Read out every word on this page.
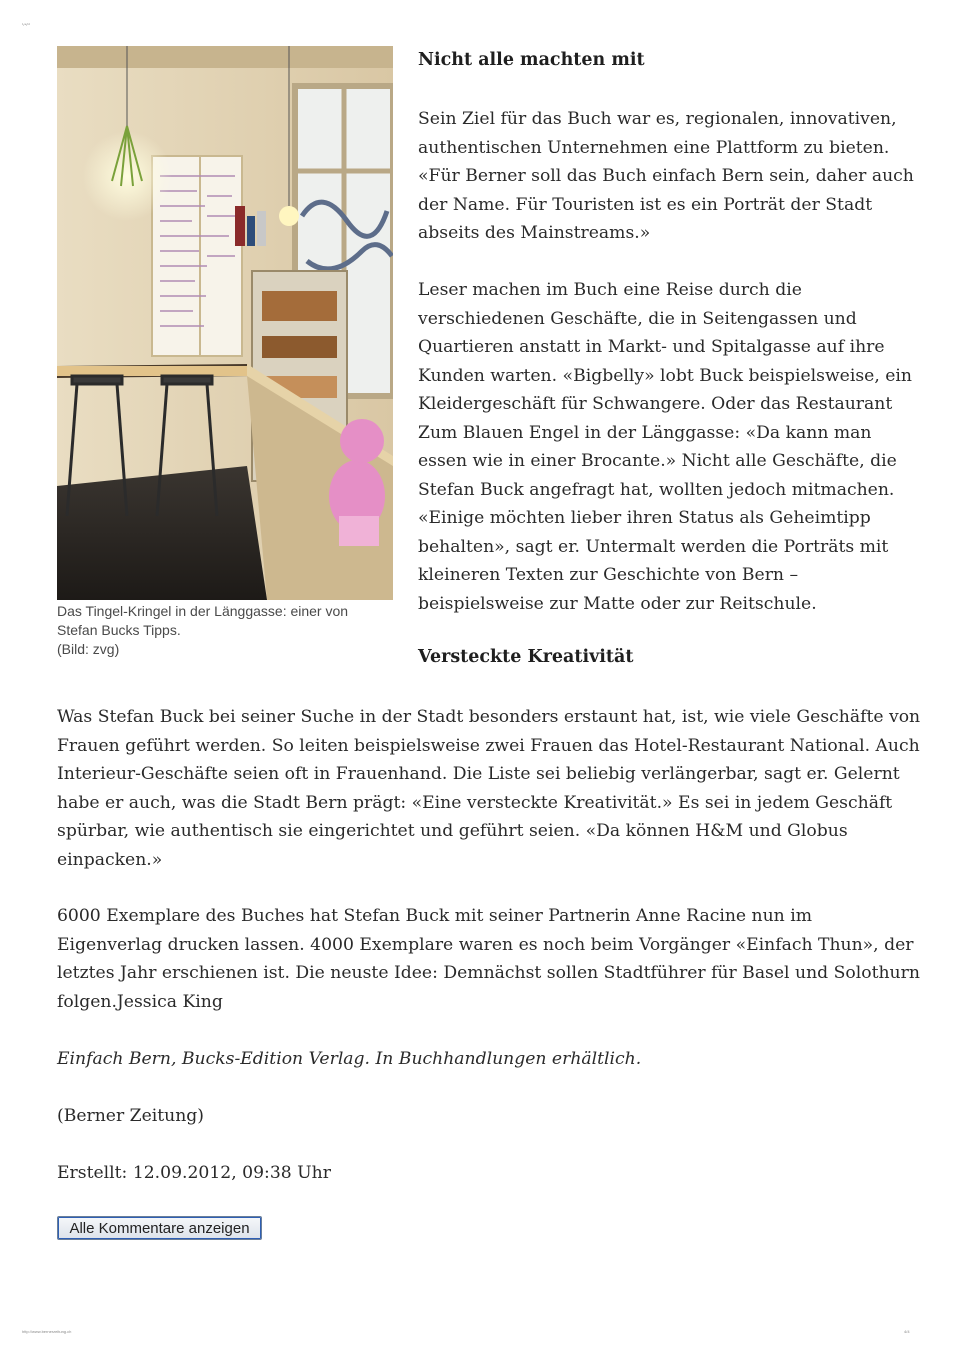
¹/⁴/¹²
Das Tingel-Kringel in der Länggasse: einer von
Stefan Bucks Tipps.
(Bild: zvg)
Nicht alle machten mit
Sein Ziel für das Buch war es, regionalen, innovativen,
authentischen Unternehmen eine Plattform zu bieten.
«Für Berner soll das Buch einfach Bern sein, daher auch
der Name. Für Touristen ist es ein Porträt der Stadt
abseits des Mainstreams.»
Leser machen im Buch eine Reise durch die
verschiedenen Geschäfte, die in Seitengassen und
Quartieren anstatt in Markt- und Spitalgasse auf ihre
Kunden warten. «Bigbelly» lobt Buck beispielsweise, ein
Kleidergeschäft für Schwangere. Oder das Restaurant
Zum Blauen Engel in der Länggasse: «Da kann man
essen wie in einer Brocante.» Nicht alle Geschäfte, die
Stefan Buck angefragt hat, wollten jedoch mitmachen.
«Einige möchten lieber ihren Status als Geheimtipp
behalten», sagt er. Untermalt werden die Porträts mit
kleineren Texten zur Geschichte von Bern –
beispielsweise zur Matte oder zur Reitschule.
Versteckte Kreativität
Was Stefan Buck bei seiner Suche in der Stadt besonders erstaunt hat, ist, wie viele Geschäfte von
Frauen geführt werden. So leiten beispielsweise zwei Frauen das Hotel-Restaurant National. Auch
Interieur-Geschäfte seien oft in Frauenhand. Die Liste sei beliebig verlängerbar, sagt er. Gelernt
habe er auch, was die Stadt Bern prägt: «Eine versteckte Kreativität.» Es sei in jedem Geschäft
spürbar, wie authentisch sie eingerichtet und geführt seien. «Da können H&M und Globus
einpacken.»
6000 Exemplare des Buches hat Stefan Buck mit seiner Partnerin Anne Racine nun im
Eigenverlag drucken lassen. 4000 Exemplare waren es noch beim Vorgänger «Einfach Thun», der
letztes Jahr erschienen ist. Die neuste Idee: Demnächst sollen Stadtführer für Basel und Solothurn
folgen.Jessica King
Einfach Bern, Bucks-Edition Verlag. In Buchhandlungen erhältlich.
(Berner Zeitung)
Erstellt: 12.09.2012, 09:38 Uhr
Alle Kommentare anzeigen
http://www.bernerzeitung.ch	4/4
